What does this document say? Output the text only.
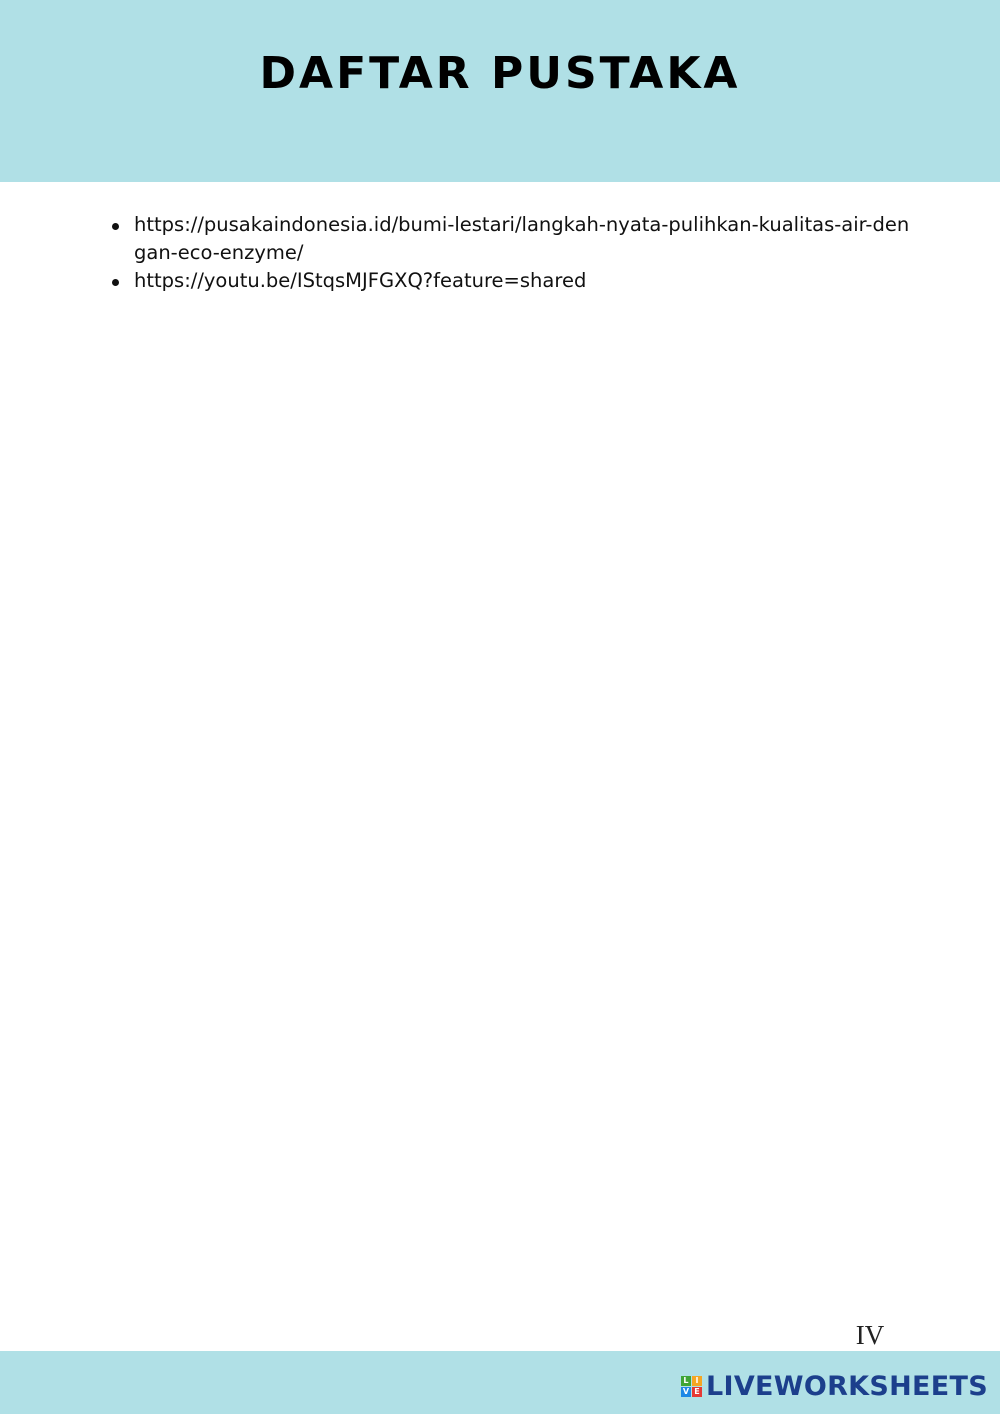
DAFTAR PUSTAKA
https://pusakaindonesia.id/bumi-lestari/langkah-nyata-pulihkan-kualitas-air-dengan-eco-enzyme/
https://youtu.be/IStqsMJFGXQ?feature=shared
IV
L I
V E LIVEWORKSHEETS
